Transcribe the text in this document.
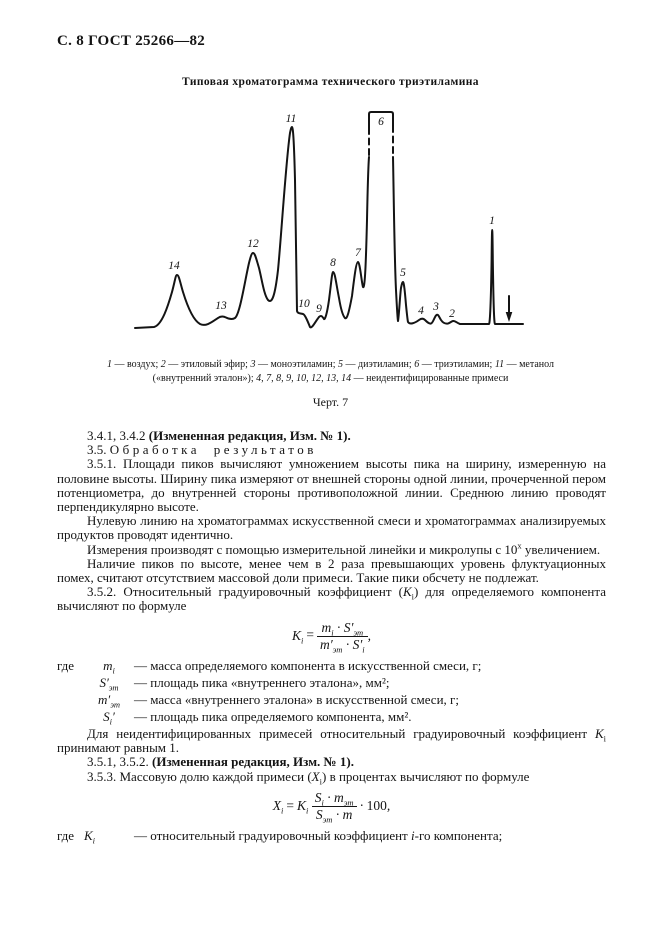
С. 8 ГОСТ 25266—82
Типовая хроматограмма технического триэтиламина
14
13
12
11
10 9
8
7
6
5
4 3
2
1
1 — воздух; 2 — этиловый эфир; 3 — моноэтиламин; 5 — диэтиламин; 6 — триэтиламин; 11 — метанол
(«внутренний эталон»); 4, 7, 8, 9, 10, 12, 13, 14 — неидентифицированные примеси
Черт. 7

3.4.1, 3.4.2 (Измененная редакция, Изм. № 1).

3.5. Обработка результатов

3.5.1. Площади пиков вычисляют умножением высоты пика на ширину, измеренную на половине высоты. Ширину пика измеряют от внешней стороны одной линии, прочерченной пером потенциометра, до внутренней стороны противоположной линии. Среднюю линию проводят перпендикулярно высоте.

Нулевую линию на хроматограммах искусственной смеси и хроматограммах анализируемых продуктов проводят идентично.

Измерения производят с помощью измерительной линейки и микролупы с $10^х$ увеличением.

Наличие пиков по высоте, менее чем в 2 раза превышающих уровень флуктуационных помех, считают отсутствием массовой доли примеси. Такие пики обсчету не подлежат.

3.5.2. Относительный градуировочный коэффициент $(K_i)$ для определяемого компонента вычисляют по формуле

$K_i = \frac{m_i \cdot S'_{эт}}{m'_{эт} \cdot S'_i}$ ,
где	$m_i$	— масса определяемого компонента в искусственной смеси, г;
$S'_{эт}$	— площадь пика «внутреннего эталона», мм²;
$m'_{эт}$	— масса «внутреннего эталона» в искусственной смеси, г;
$S_i'$	— площадь пика определяемого компонента, мм².

Для неидентифицированных примесей относительный градуировочный коэффициент $K_i$ принимают равным 1.

3.5.1, 3.5.2. (Измененная редакция, Изм. № 1).

3.5.3. Массовую долю каждой примеси $(X_i)$ в процентах вычисляют по формуле

$X_i = K_i \frac{S_i \cdot m_{эт}}{S_{эт} \cdot m} \cdot 100$,
где $K_i$	— относительный градуировочный коэффициент i-го компонента;
